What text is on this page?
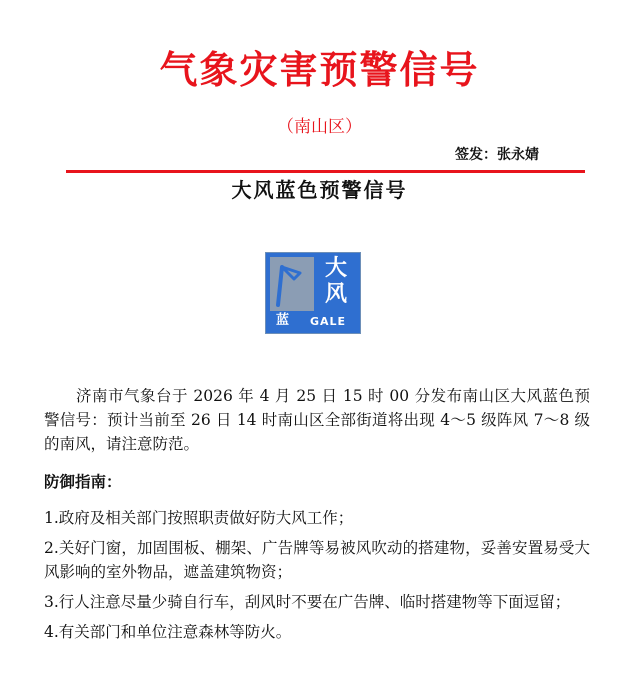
气象灾害预警信号
（南山区）
签发：张永婧
大风蓝色预警信号
大
风
蓝 GALE
济南市气象台于 2026 年 4 月 25 日 15 时 00 分发布南山区大风蓝色预警信号：预计当前至 26 日 14 时南山区全部街道将出现 4～5 级阵风 7～8 级的南风，请注意防范。
防御指南：
1.政府及相关部门按照职责做好防大风工作；
2.关好门窗，加固围板、棚架、广告牌等易被风吹动的搭建物，妥善安置易受大风影响的室外物品，遮盖建筑物资；
3.行人注意尽量少骑自行车，刮风时不要在广告牌、临时搭建物等下面逗留；
4.有关部门和单位注意森林等防火。
